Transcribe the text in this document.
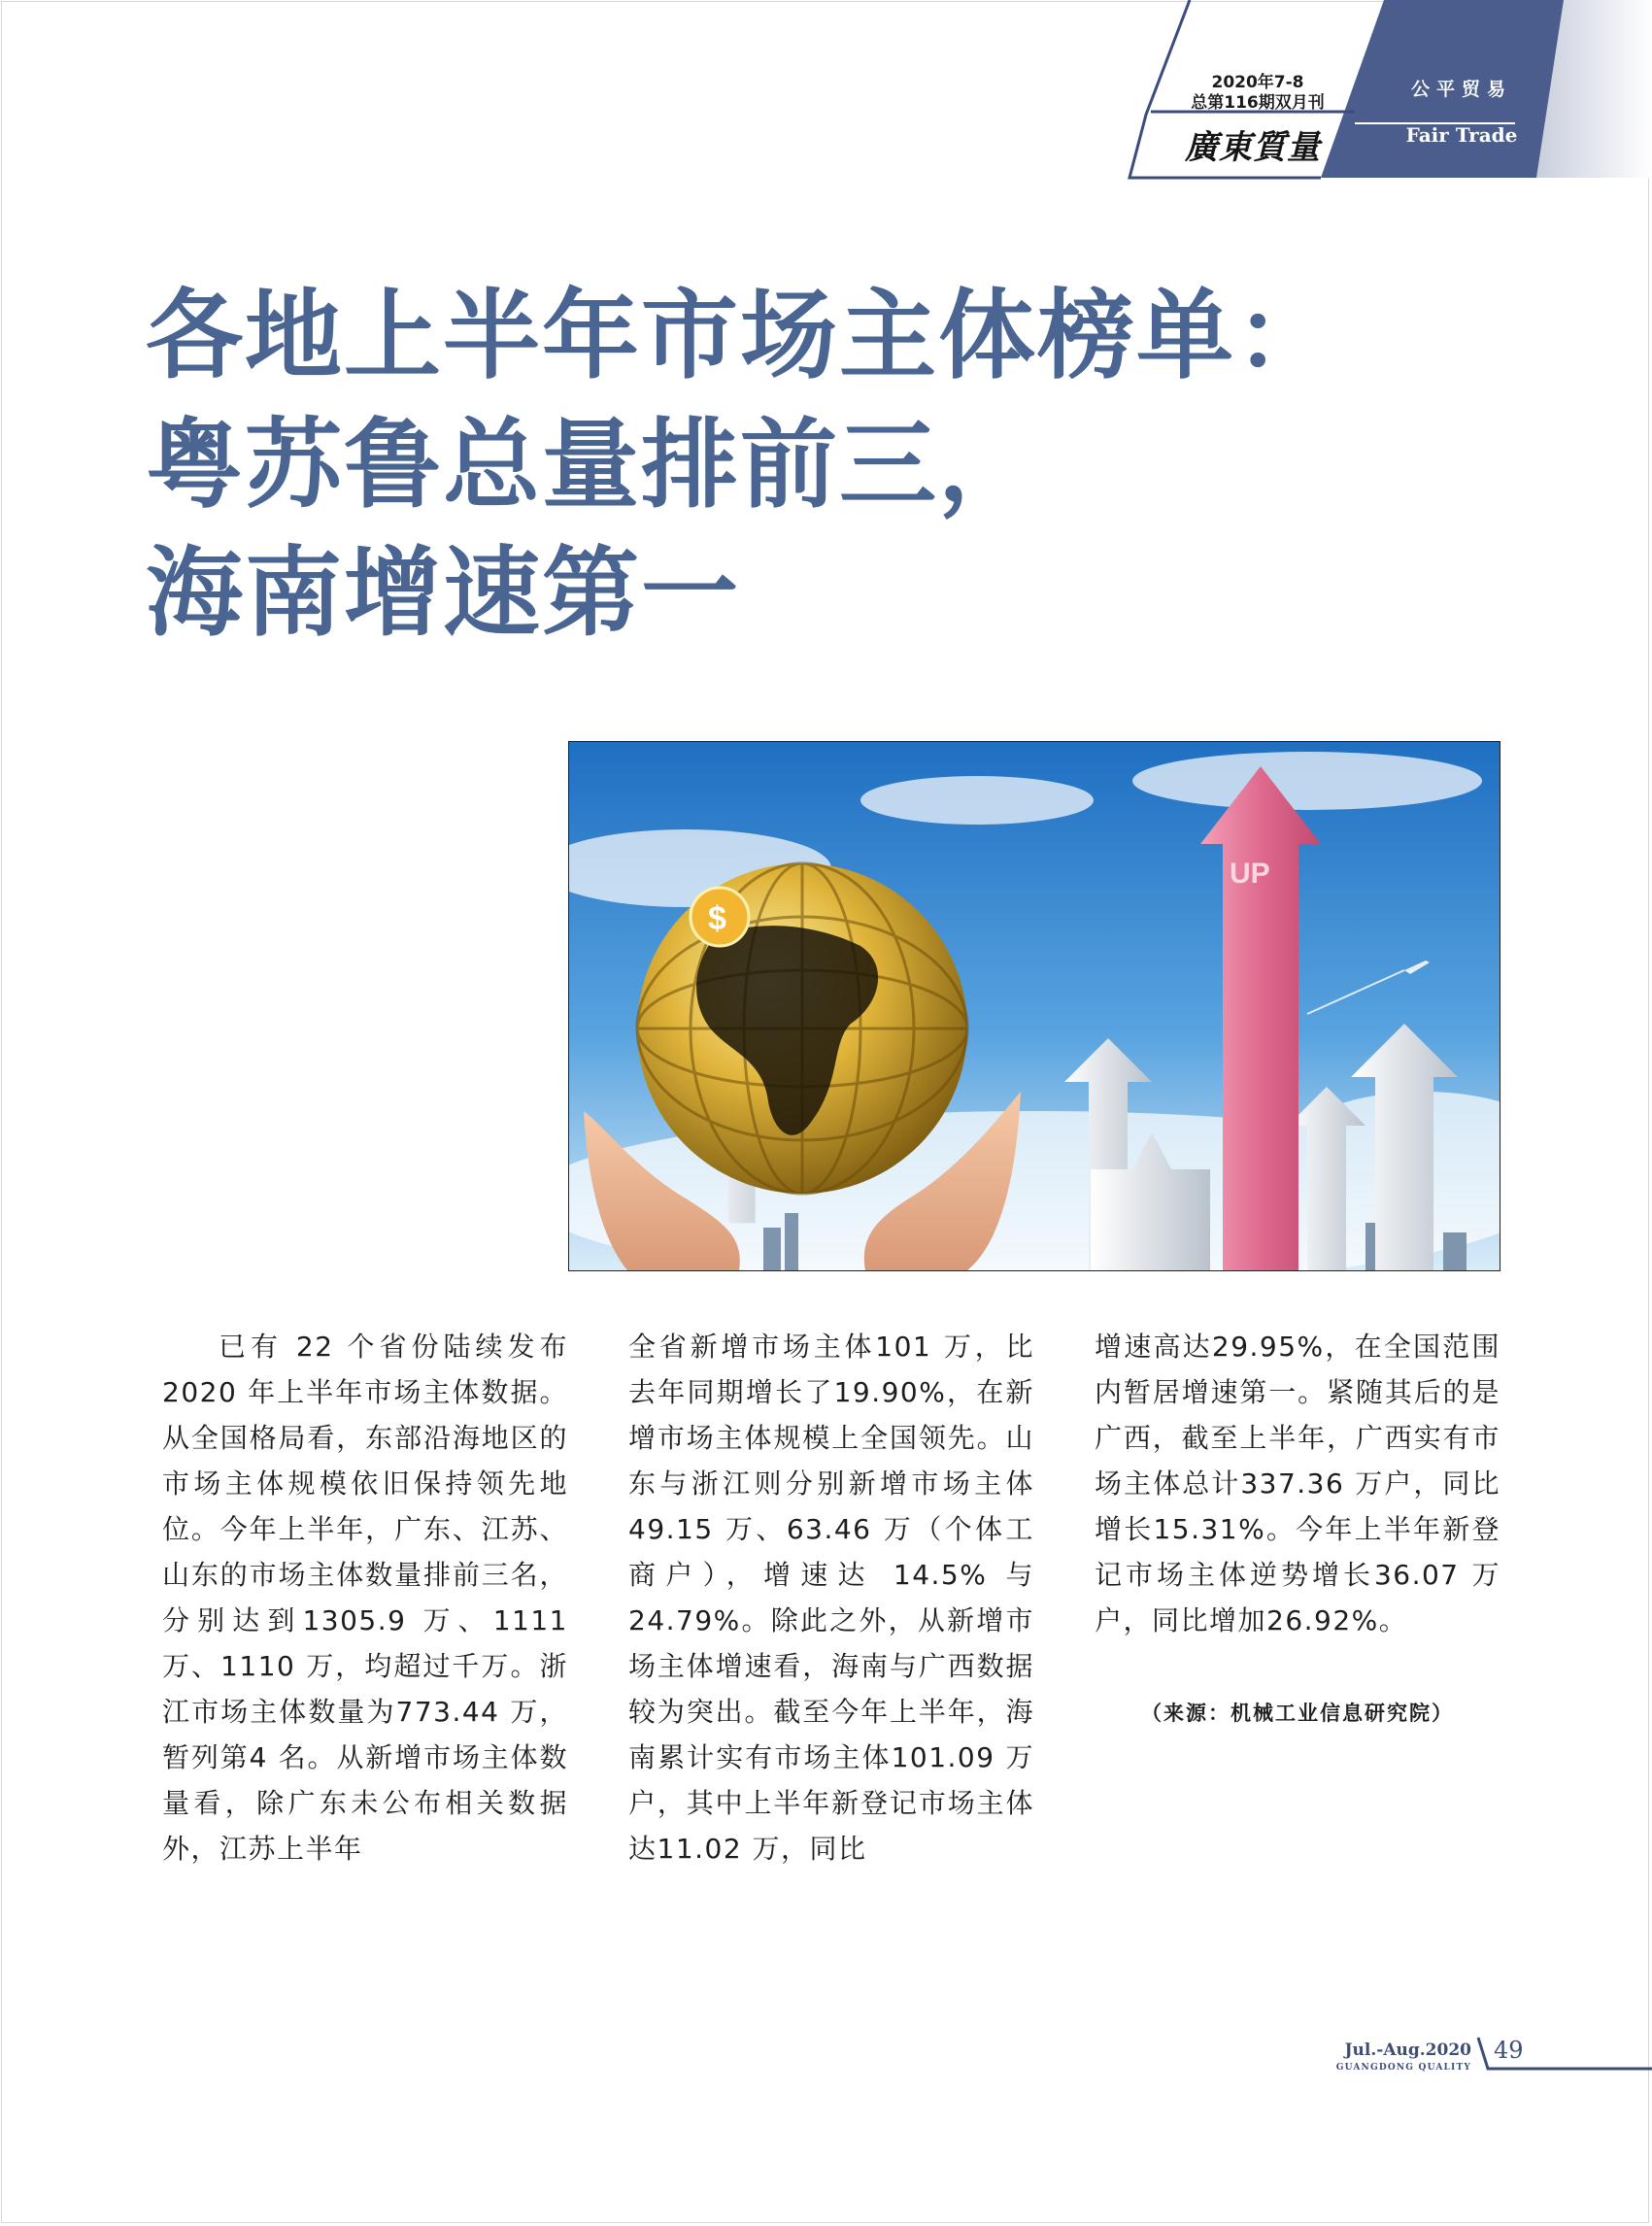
2020年7-8
总第116期双月刊
廣東質量
公平贸易
Fair Trade
各地上半年市场主体榜单：
粤苏鲁总量排前三，
海南增速第一
UP
$

已有 22 个省份陆续发布2020 年上半年市场主体数据。从全国格局看，东部沿海地区的市场主体规模依旧保持领先地位。今年上半年，广东、江苏、山东的市场主体数量排前三名，分别达到1305.9 万、1111 万、1110 万，均超过千万。浙江市场主体数量为773.44 万，暂列第4 名。从新增市场主体数量看，除广东未公布相关数据外，江苏上半年

全省新增市场主体101 万，比去年同期增长了19.90%，在新增市场主体规模上全国领先。山东与浙江则分别新增市场主体49.15 万、63.46 万（个体工商户），增速达 14.5% 与24.79%。除此之外，从新增市场主体增速看，海南与广西数据较为突出。截至今年上半年，海南累计实有市场主体101.09 万户，其中上半年新登记市场主体达11.02 万，同比

增速高达29.95%，在全国范围内暂居增速第一。紧随其后的是广西，截至上半年，广西实有市场主体总计337.36 万户，同比增长15.31%。今年上半年新登记市场主体逆势增长36.07 万户，同比增加26.92%。

（来源：机械工业信息研究院）
Jul.-Aug.2020
GUANGDONG QUALITY
49
